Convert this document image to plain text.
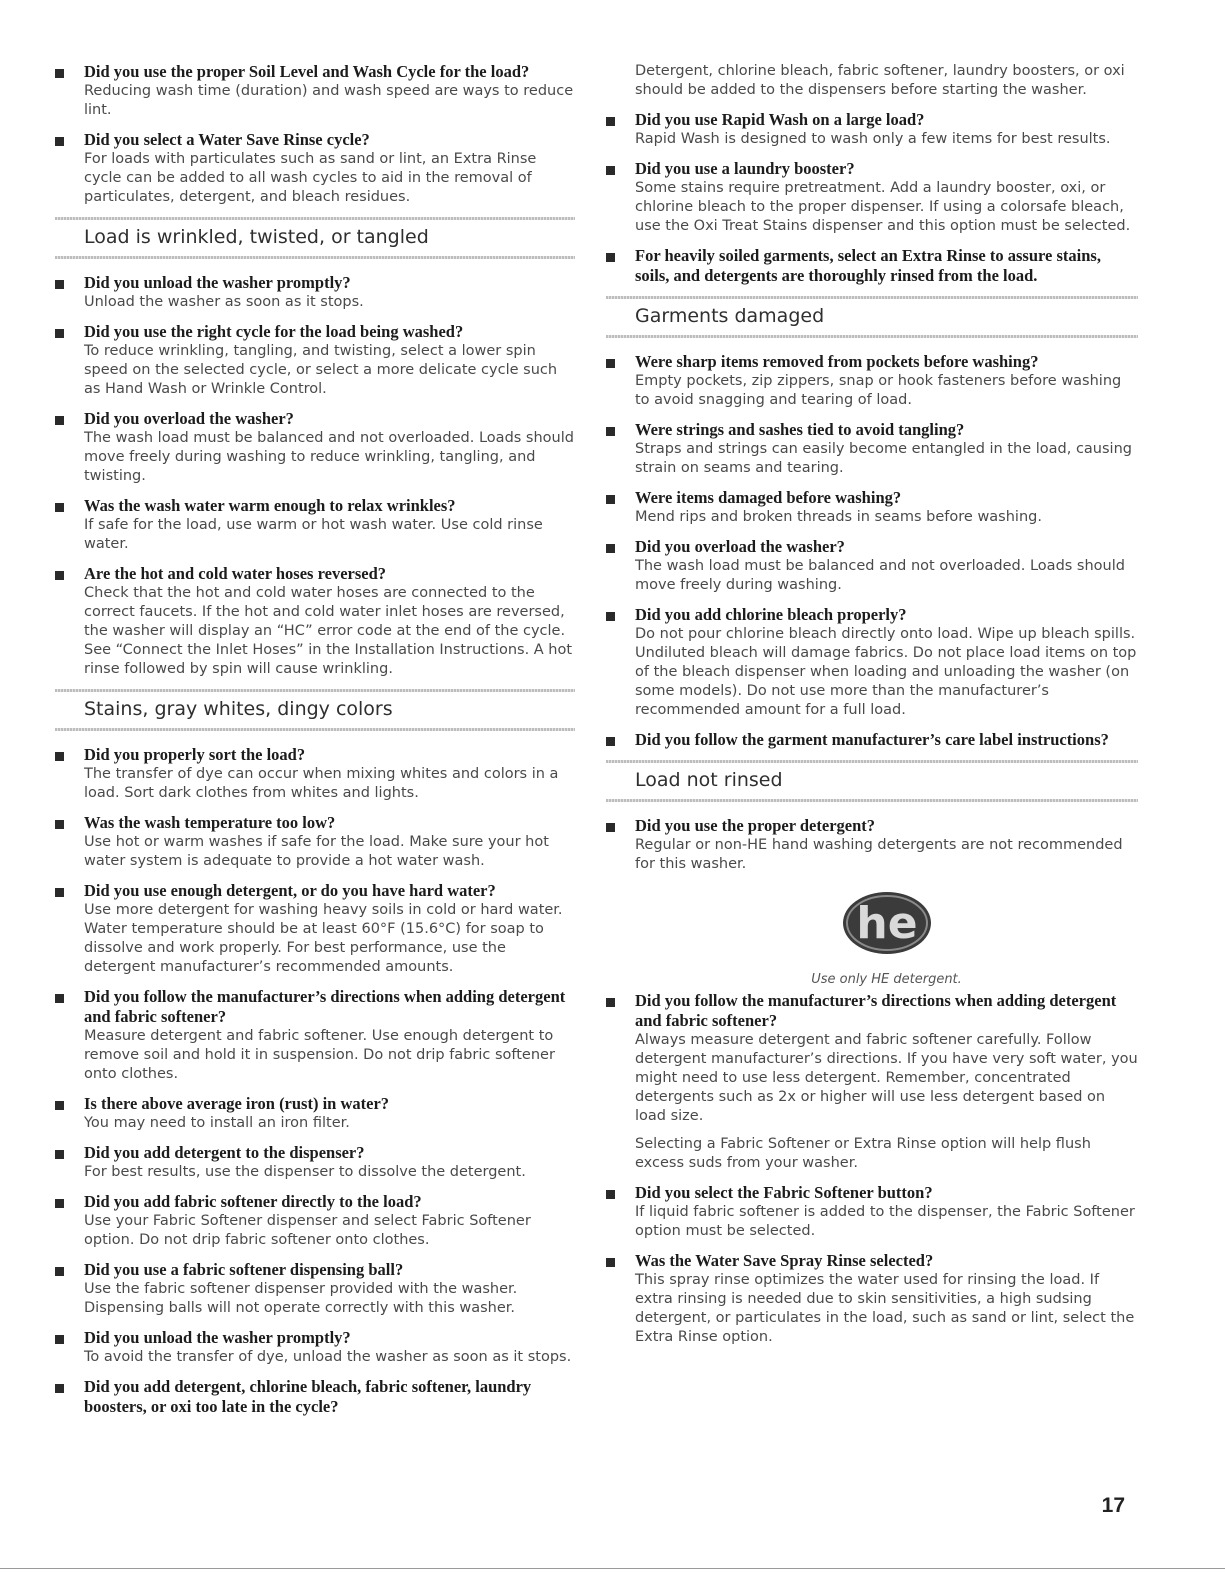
Did you use the proper Soil Level and Wash Cycle for the load?

Reducing wash time (duration) and wash speed are ways to reduce lint.

Did you select a Water Save Rinse cycle?

For loads with particulates such as sand or lint, an Extra Rinse cycle can be added to all wash cycles to aid in the removal of particulates, detergent, and bleach residues.

Load is wrinkled, twisted, or tangled
Did you unload the washer promptly?

Unload the washer as soon as it stops.

Did you use the right cycle for the load being washed?

To reduce wrinkling, tangling, and twisting, select a lower spin speed on the selected cycle, or select a more delicate cycle such as Hand Wash or Wrinkle Control.

Did you overload the washer?

The wash load must be balanced and not overloaded. Loads should move freely during washing to reduce wrinkling, tangling, and twisting.

Was the wash water warm enough to relax wrinkles?

If safe for the load, use warm or hot wash water. Use cold rinse water.

Are the hot and cold water hoses reversed?

Check that the hot and cold water hoses are connected to the correct faucets. If the hot and cold water inlet hoses are reversed, the washer will display an “HC” error code at the end of the cycle. See “Connect the Inlet Hoses” in the Installation Instructions. A hot rinse followed by spin will cause wrinkling.

Stains, gray whites, dingy colors
Did you properly sort the load?

The transfer of dye can occur when mixing whites and colors in a load. Sort dark clothes from whites and lights.

Was the wash temperature too low?

Use hot or warm washes if safe for the load. Make sure your hot water system is adequate to provide a hot water wash.

Did you use enough detergent, or do you have hard water?

Use more detergent for washing heavy soils in cold or hard water. Water temperature should be at least 60°F (15.6°C) for soap to dissolve and work properly. For best performance, use the detergent manufacturer’s recommended amounts.

Did you follow the manufacturer’s directions when adding detergent and fabric softener?

Measure detergent and fabric softener. Use enough detergent to remove soil and hold it in suspension. Do not drip fabric softener onto clothes.

Is there above average iron (rust) in water?

You may need to install an iron filter.

Did you add detergent to the dispenser?

For best results, use the dispenser to dissolve the detergent.

Did you add fabric softener directly to the load?

Use your Fabric Softener dispenser and select Fabric Softener option. Do not drip fabric softener onto clothes.

Did you use a fabric softener dispensing ball?

Use the fabric softener dispenser provided with the washer. Dispensing balls will not operate correctly with this washer.

Did you unload the washer promptly?

To avoid the transfer of dye, unload the washer as soon as it stops.

Did you add detergent, chlorine bleach, fabric softener, laundry boosters, or oxi too late in the cycle?

Detergent, chlorine bleach, fabric softener, laundry boosters, or oxi should be added to the dispensers before starting the washer.

Did you use Rapid Wash on a large load?

Rapid Wash is designed to wash only a few items for best results.

Did you use a laundry booster?

Some stains require pretreatment. Add a laundry booster, oxi, or chlorine bleach to the proper dispenser. If using a colorsafe bleach, use the Oxi Treat Stains dispenser and this option must be selected.

For heavily soiled garments, select an Extra Rinse to assure stains, soils, and detergents are thoroughly rinsed from the load.
Garments damaged
Were sharp items removed from pockets before washing?

Empty pockets, zip zippers, snap or hook fasteners before washing to avoid snagging and tearing of load.

Were strings and sashes tied to avoid tangling?

Straps and strings can easily become entangled in the load, causing strain on seams and tearing.

Were items damaged before washing?

Mend rips and broken threads in seams before washing.

Did you overload the washer?

The wash load must be balanced and not overloaded. Loads should move freely during washing.

Did you add chlorine bleach properly?

Do not pour chlorine bleach directly onto load. Wipe up bleach spills. Undiluted bleach will damage fabrics. Do not place load items on top of the bleach dispenser when loading and unloading the washer (on some models). Do not use more than the manufacturer’s recommended amount for a full load.

Did you follow the garment manufacturer’s care label instructions?
Load not rinsed
Did you use the proper detergent?

Regular or non-HE hand washing detergents are not recommended for this washer.

he
Use only HE detergent.
Did you follow the manufacturer’s directions when adding detergent and fabric softener?

Always measure detergent and fabric softener carefully. Follow detergent manufacturer’s directions. If you have very soft water, you might need to use less detergent. Remember, concentrated detergents such as 2x or higher will use less detergent based on load size.

Selecting a Fabric Softener or Extra Rinse option will help flush excess suds from your washer.

Did you select the Fabric Softener button?

If liquid fabric softener is added to the dispenser, the Fabric Softener option must be selected.

Was the Water Save Spray Rinse selected?

This spray rinse optimizes the water used for rinsing the load. If extra rinsing is needed due to skin sensitivities, a high sudsing detergent, or particulates in the load, such as sand or lint, select the Extra Rinse option.

17
